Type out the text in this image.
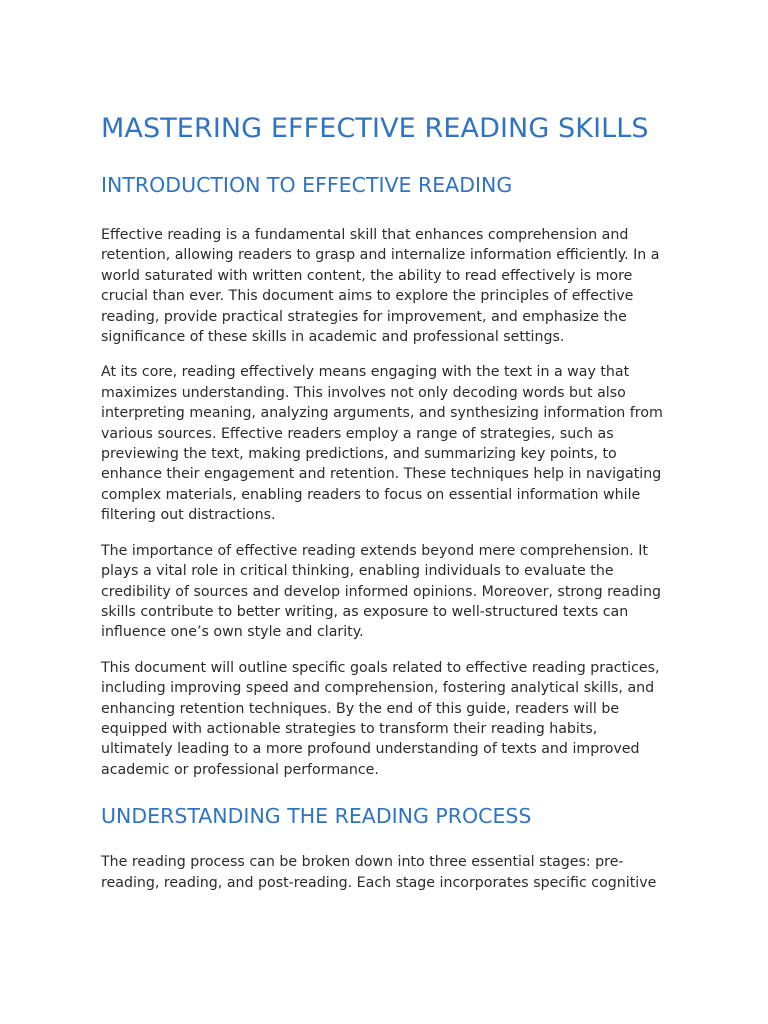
MASTERING EFFECTIVE READING SKILLS
INTRODUCTION TO EFFECTIVE READING

Effective reading is a fundamental skill that enhances comprehension and retention, allowing readers to grasp and internalize information efficiently. In a world saturated with written content, the ability to read effectively is more crucial than ever. This document aims to explore the principles of effective reading, provide practical strategies for improvement, and emphasize the significance of these skills in academic and professional settings.

At its core, reading effectively means engaging with the text in a way that maximizes understanding. This involves not only decoding words but also interpreting meaning, analyzing arguments, and synthesizing information from various sources. Effective readers employ a range of strategies, such as previewing the text, making predictions, and summarizing key points, to enhance their engagement and retention. These techniques help in navigating complex materials, enabling readers to focus on essential information while filtering out distractions.

The importance of effective reading extends beyond mere comprehension. It plays a vital role in critical thinking, enabling individuals to evaluate the credibility of sources and develop informed opinions. Moreover, strong reading skills contribute to better writing, as exposure to well-structured texts can influence one’s own style and clarity.

This document will outline specific goals related to effective reading practices, including improving speed and comprehension, fostering analytical skills, and enhancing retention techniques. By the end of this guide, readers will be equipped with actionable strategies to transform their reading habits, ultimately leading to a more profound understanding of texts and improved academic or professional performance.

UNDERSTANDING THE READING PROCESS

The reading process can be broken down into three essential stages: pre-reading, reading, and post-reading. Each stage incorporates specific cognitive
